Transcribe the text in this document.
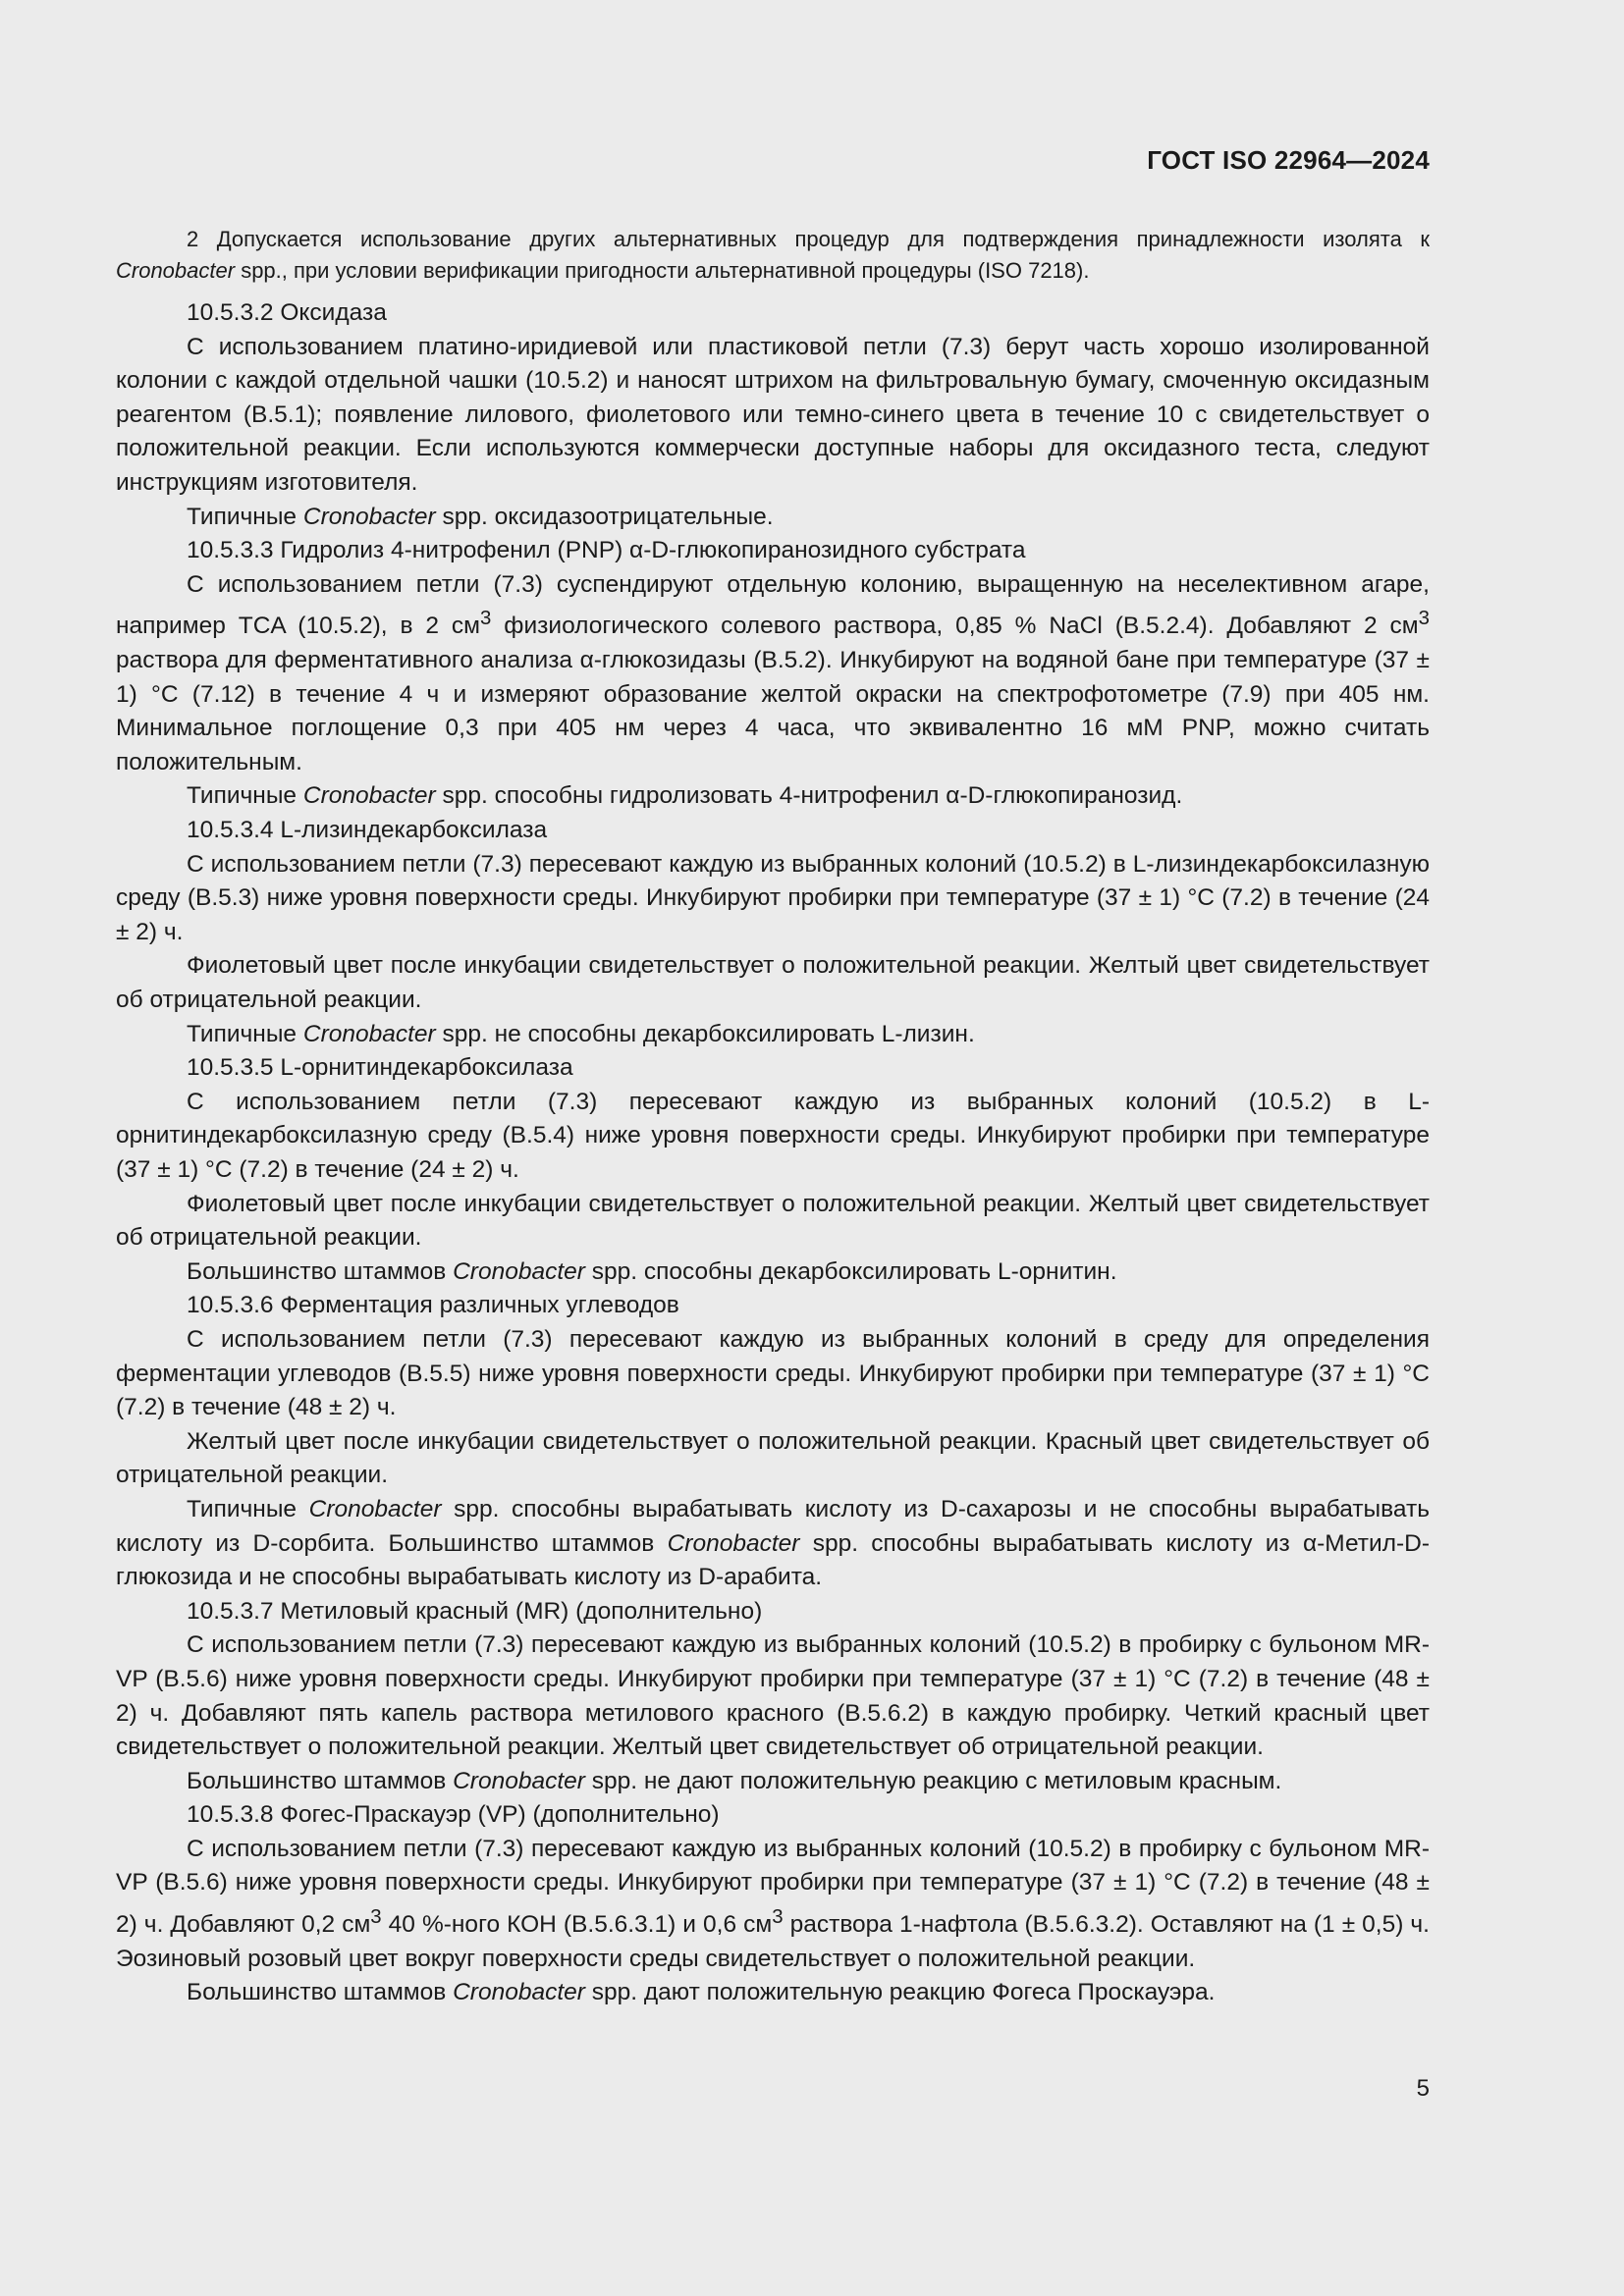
ГОСТ ISO 22964—2024

2 Допускается использование других альтернативных процедур для подтверждения принадлежности изолята к Cronobacter spp., при условии верификации пригодности альтернативной процедуры (ISO 7218).

10.5.3.2 Оксидаза

С использованием платино-иридиевой или пластиковой петли (7.3) берут часть хорошо изолированной колонии с каждой отдельной чашки (10.5.2) и наносят штрихом на фильтровальную бумагу, смоченную оксидазным реагентом (В.5.1); появление лилового, фиолетового или темно-синего цвета в течение 10 с свидетельствует о положительной реакции. Если используются коммерчески доступные наборы для оксидазного теста, следуют инструкциям изготовителя.

Типичные Cronobacter spp. оксидазоотрицательные.

10.5.3.3 Гидролиз 4-нитрофенил (PNP) α-D-глюкопиранозидного субстрата

С использованием петли (7.3) суспендируют отдельную колонию, выращенную на неселективном агаре, например TCA (10.5.2), в 2 $см^3$ физиологического солевого раствора, 0,85 % NaCl (В.5.2.4). Добавляют 2 $см^3$ раствора для ферментативного анализа α-глюкозидазы (В.5.2). Инкубируют на водяной бане при температуре (37 ± 1) °C (7.12) в течение 4 ч и измеряют образование желтой окраски на спектрофотометре (7.9) при 405 нм. Минимальное поглощение 0,3 при 405 нм через 4 часа, что эквивалентно 16 мМ PNP, можно считать положительным.

Типичные Cronobacter spp. способны гидролизовать 4-нитрофенил α-D-глюкопиранозид.

10.5.3.4 L-лизиндекарбоксилаза

С использованием петли (7.3) пересевают каждую из выбранных колоний (10.5.2) в L-лизиндекарбоксилазную среду (В.5.3) ниже уровня поверхности среды. Инкубируют пробирки при температуре (37 ± 1) °C (7.2) в течение (24 ± 2) ч.

Фиолетовый цвет после инкубации свидетельствует о положительной реакции. Желтый цвет свидетельствует об отрицательной реакции.

Типичные Cronobacter spp. не способны декарбоксилировать L-лизин.

10.5.3.5 L-орнитиндекарбоксилаза

С использованием петли (7.3) пересевают каждую из выбранных колоний (10.5.2) в L-орнитиндекарбоксилазную среду (В.5.4) ниже уровня поверхности среды. Инкубируют пробирки при температуре (37 ± 1) °C (7.2) в течение (24 ± 2) ч.

Фиолетовый цвет после инкубации свидетельствует о положительной реакции. Желтый цвет свидетельствует об отрицательной реакции.

Большинство штаммов Cronobacter spp. способны декарбоксилировать L-орнитин.

10.5.3.6 Ферментация различных углеводов

С использованием петли (7.3) пересевают каждую из выбранных колоний в среду для определения ферментации углеводов (В.5.5) ниже уровня поверхности среды. Инкубируют пробирки при температуре (37 ± 1) °C (7.2) в течение (48 ± 2) ч.

Желтый цвет после инкубации свидетельствует о положительной реакции. Красный цвет свидетельствует об отрицательной реакции.

Типичные Cronobacter spp. способны вырабатывать кислоту из D-сахарозы и не способны вырабатывать кислоту из D-сорбита. Большинство штаммов Cronobacter spp. способны вырабатывать кислоту из α-Метил-D-глюкозида и не способны вырабатывать кислоту из D-арабита.

10.5.3.7 Метиловый красный (MR) (дополнительно)

С использованием петли (7.3) пересевают каждую из выбранных колоний (10.5.2) в пробирку с бульоном MR-VP (В.5.6) ниже уровня поверхности среды. Инкубируют пробирки при температуре (37 ± 1) °C (7.2) в течение (48 ± 2) ч. Добавляют пять капель раствора метилового красного (В.5.6.2) в каждую пробирку. Четкий красный цвет свидетельствует о положительной реакции. Желтый цвет свидетельствует об отрицательной реакции.

Большинство штаммов Cronobacter spp. не дают положительную реакцию с метиловым красным.

10.5.3.8 Фогес-Праскауэр (VP) (дополнительно)

С использованием петли (7.3) пересевают каждую из выбранных колоний (10.5.2) в пробирку с бульоном MR-VP (В.5.6) ниже уровня поверхности среды. Инкубируют пробирки при температуре (37 ± 1) °C (7.2) в течение (48 ± 2) ч. Добавляют 0,2 $см^3$ 40 %-ного КОН (В.5.6.3.1) и 0,6 $см^3$ раствора 1-нафтола (В.5.6.3.2). Оставляют на (1 ± 0,5) ч. Эозиновый розовый цвет вокруг поверхности среды свидетельствует о положительной реакции.

Большинство штаммов Cronobacter spp. дают положительную реакцию Фогеса Проскауэра.

5
